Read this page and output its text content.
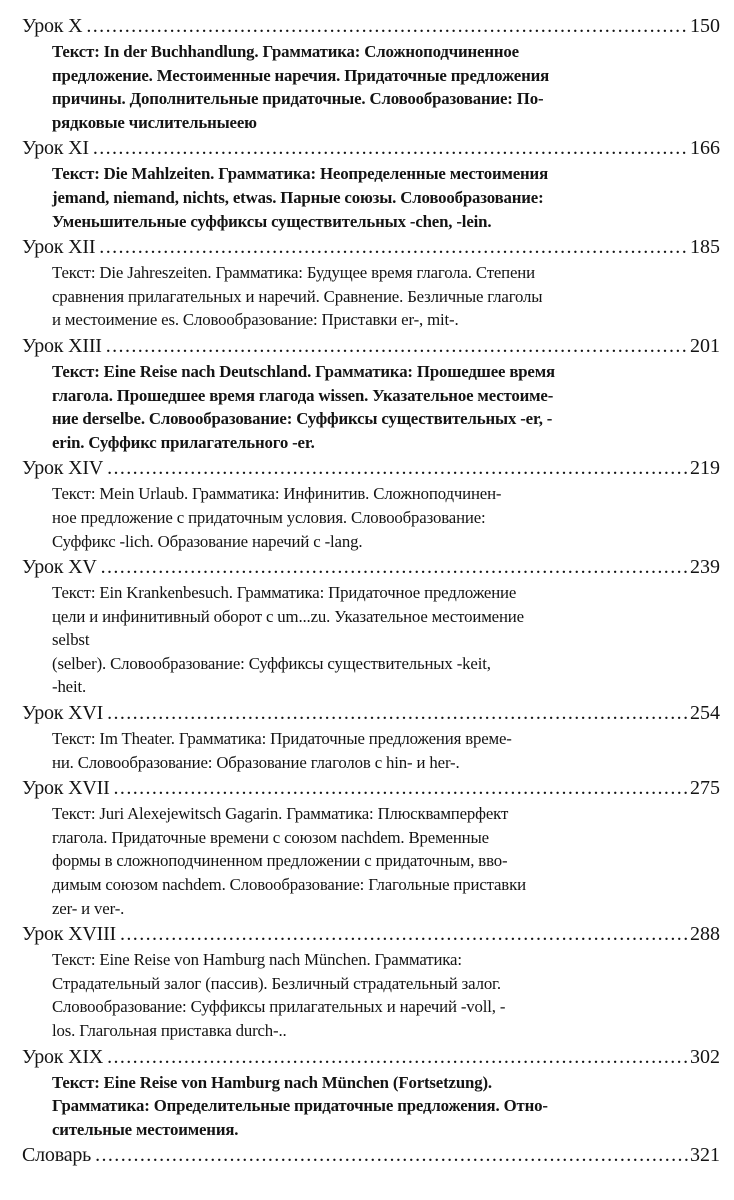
Урок X .....	150
Текст: In der Buchhandlung. Грамматика: Сложноподчиненное
предложение. Местоименные наречия. Придаточные предложения
причины. Дополнительные придаточные. Словообразование: По-
рядковые числительныеею
Урок XI .....	166
Текст: Die Mahlzeiten. Грамматика: Неопределенные местоимения
jemand, niemand, nichts, etwas. Парные союзы. Словообразование:
Уменьшительные суффиксы существительных -chen, -lein.
Урок XII .....	185
Текст: Die Jahreszeiten. Грамматика: Будущее время глагола. Степени
сравнения прилагательных и наречий. Сравнение. Безличные глаголы
и местоимение es. Словообразование: Приставки er-, mit-.
Урок XIII .....	201
Текст: Eine Reise nach Deutschland. Грамматика: Прошедшее время
глагола. Прошедшее время глагода wissen. Указательное местоиме-
ние derselbe. Словообразование: Суффиксы существительных -er, -
erin. Суффикс прилагательного -er.
Урок XIV .....	219
Текст: Mein Urlaub. Грамматика: Инфинитив. Сложноподчинен-
ное предложение с придаточным условия. Словообразование:
Суффикс -lich. Образование наречий с -lang.
Урок XV .....	239
Текст: Ein Krankenbesuch. Грамматика: Придаточное предложение
цели и инфинитивный оборот с um...zu. Указательное местоимение
selbst
(selber). Словообразование: Суффиксы существительных -keit,
-heit.
Урок XVI .....	254
Текст: Im Theater. Грамматика: Придаточные предложения време-
ни. Словообразование: Образование глаголов с hin- и her-.
Урок XVII .....	275
Текст: Juri Alexejewitsch Gagarin. Грамматика: Плюсквамперфект
глагола. Придаточные времени с союзом nachdem. Временные
формы в сложноподчиненном предложении с придаточным, вво-
димым союзом nachdem. Словообразование: Глагольные приставки
zer- и ver-.
Урок XVIII .....	288
Текст: Eine Reise von Hamburg nach München. Грамматика:
Страдательный залог (пассив). Безличный страдательный залог.
Словообразование: Суффиксы прилагательных и наречий -voll, -
los. Глагольная приставка durch-..
Урок XIX .....	302
Текст: Eine Reise von Hamburg nach München (Fortsetzung).
Грамматика: Определительные придаточные предложения. Отно-
сительные местоимения.
Словарь .....	321
